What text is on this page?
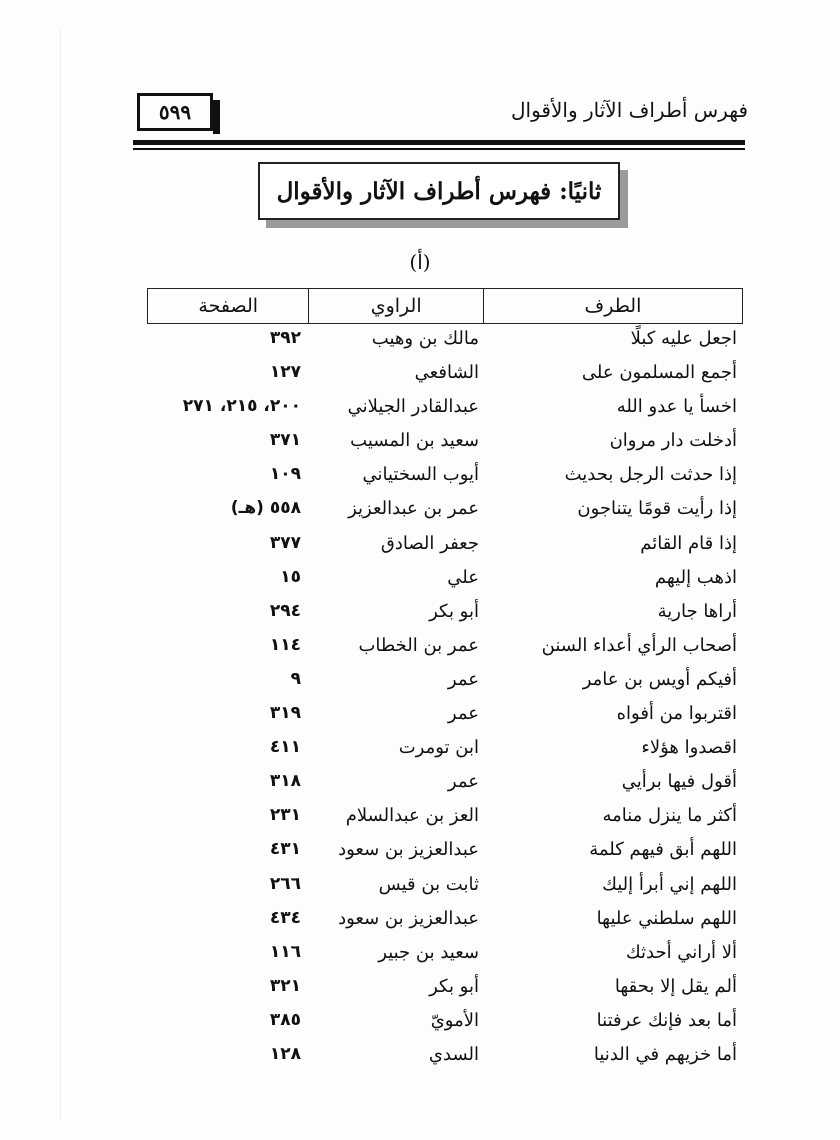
فهرس أطراف الآثار والأقوال
٥٩٩
ثانيًا: فهرس أطراف الآثار والأقوال
(أ)
الطرف
الراوي
الصفحة
اجعل عليه كبلًا
مالك بن وهيب
٣٩٢
أجمع المسلمون على
الشافعي
١٢٧
اخسأ يا عدو الله
عبدالقادر الجيلاني
٢٠٠، ٢١٥، ٢٧١
أدخلت دار مروان
سعيد بن المسيب
٣٧١
إذا حدثت الرجل بحديث
أيوب السختياني
١٠٩
إذا رأيت قومًا يتناجون
عمر بن عبدالعزيز
٥٥٨ (هـ)
إذا قام القائم
جعفر الصادق
٣٧٧
اذهب إليهم
علي
١٥
أراها جارية
أبو بكر
٢٩٤
أصحاب الرأي أعداء السنن
عمر بن الخطاب
١١٤
أفيكم أويس بن عامر
عمر
٩
اقتربوا من أفواه
عمر
٣١٩
اقصدوا هؤلاء
ابن تومرت
٤١١
أقول فيها برأيي
عمر
٣١٨
أكثر ما ينزل منامه
العز بن عبدالسلام
٢٣١
اللهم أبق فيهم كلمة
عبدالعزيز بن سعود
٤٣١
اللهم إني أبرأ إليك
ثابت بن قيس
٢٦٦
اللهم سلطني عليها
عبدالعزيز بن سعود
٤٣٤
ألا أراني أحدثك
سعيد بن جبير
١١٦
ألم يقل إلا بحقها
أبو بكر
٣٢١
أما بعد فإنك عرفتنا
الأمويّ
٣٨٥
أما خزيهم في الدنيا
السدي
١٢٨
